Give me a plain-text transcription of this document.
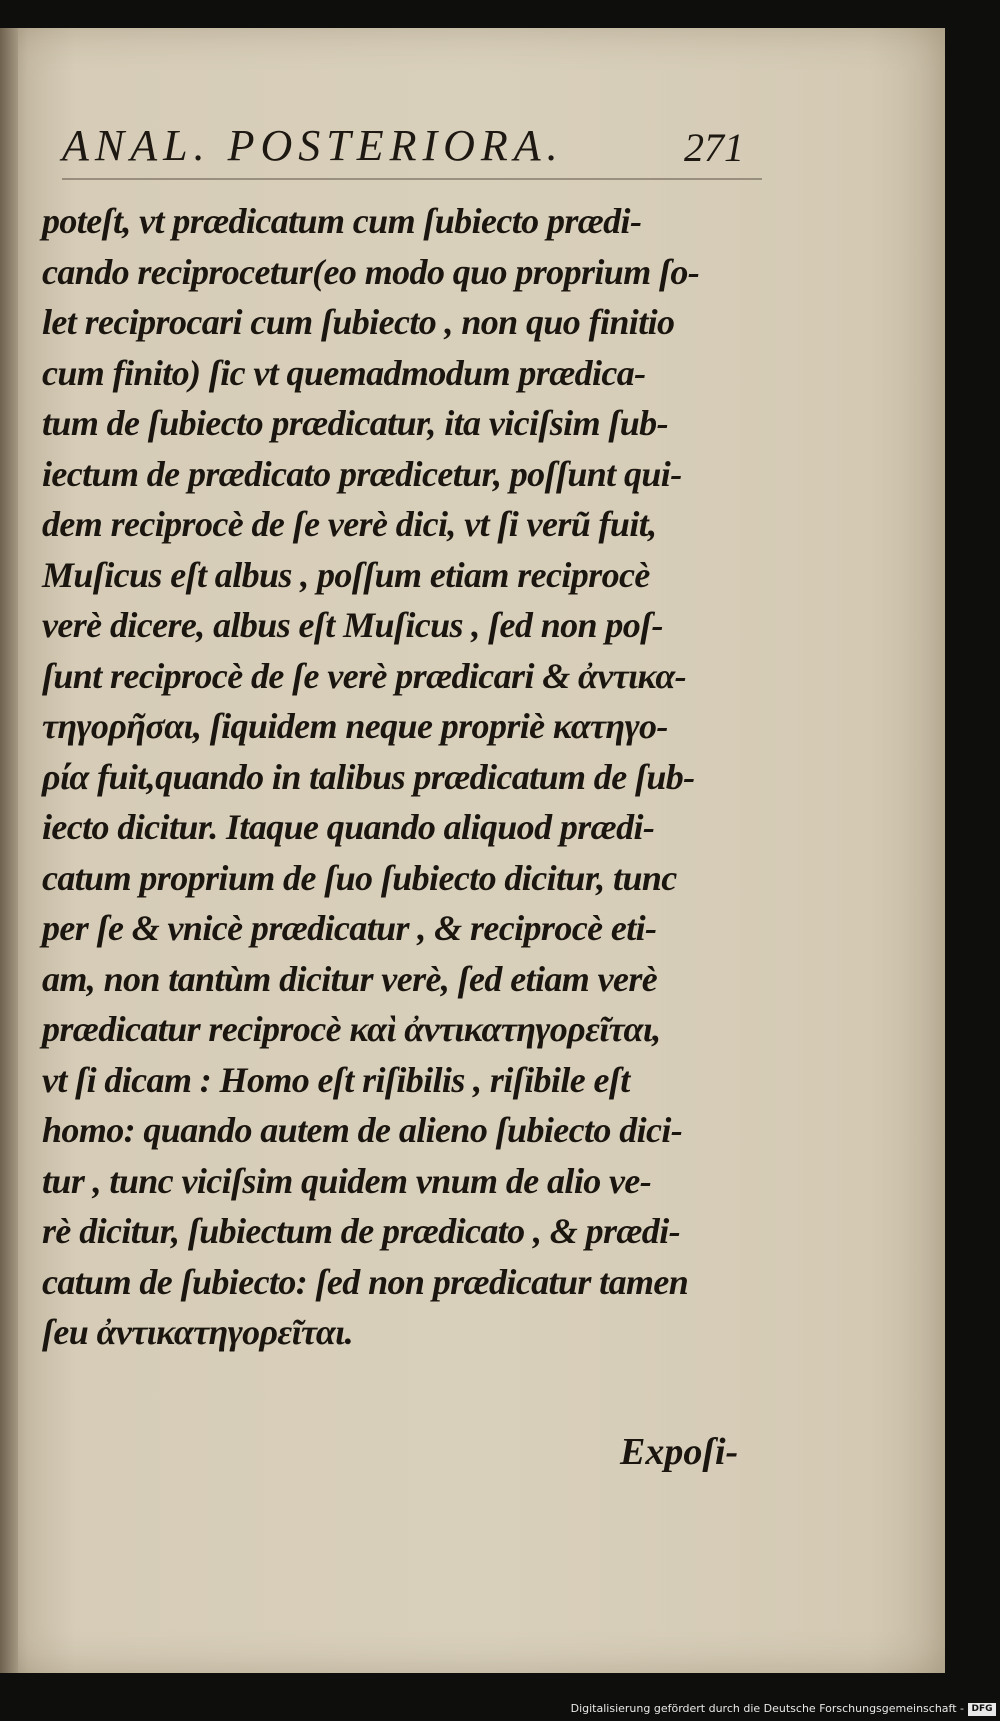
ANAL. POSTERIORA.	271
poteſt, vt prædicatum cum ſubiecto prædi-
cando reciprocetur(eo modo quo proprium ſo-
let reciprocari cum ſubiecto , non quo finitio
cum finito) ſic vt quemadmodum prædica-
tum de ſubiecto prædicatur, ita viciſsim ſub-
iectum de prædicato prædicetur, poſſunt qui-
dem reciprocè de ſe verè dici, vt ſi verũ fuit,
Muſicus eſt albus , poſſum etiam reciprocè
verè dicere, albus eſt Muſicus , ſed non poſ-
ſunt reciprocè de ſe verè prædicari & ἀντικα-
τηγορῆσαι, ſiquidem neque propriè κατηγο-
ρία fuit,quando in talibus prædicatum de ſub-
iecto dicitur. Itaque quando aliquod prædi-
catum proprium de ſuo ſubiecto dicitur, tunc
per ſe & vnicè prædicatur , & reciprocè eti-
am, non tantùm dicitur verè, ſed etiam verè
prædicatur reciprocè καὶ ἀντικατηγορεῖται,
vt ſi dicam : Homo eſt riſibilis , riſibile eſt
homo: quando autem de alieno ſubiecto dici-
tur , tunc viciſsim quidem vnum de alio ve-
rè dicitur, ſubiectum de prædicato , & prædi-
catum de ſubiecto: ſed non prædicatur tamen
ſeu ἀντικατηγορεῖται.
Expoſi-
Digitalisierung gefördert durch die Deutsche Forschungsgemeinschaft - DFG
